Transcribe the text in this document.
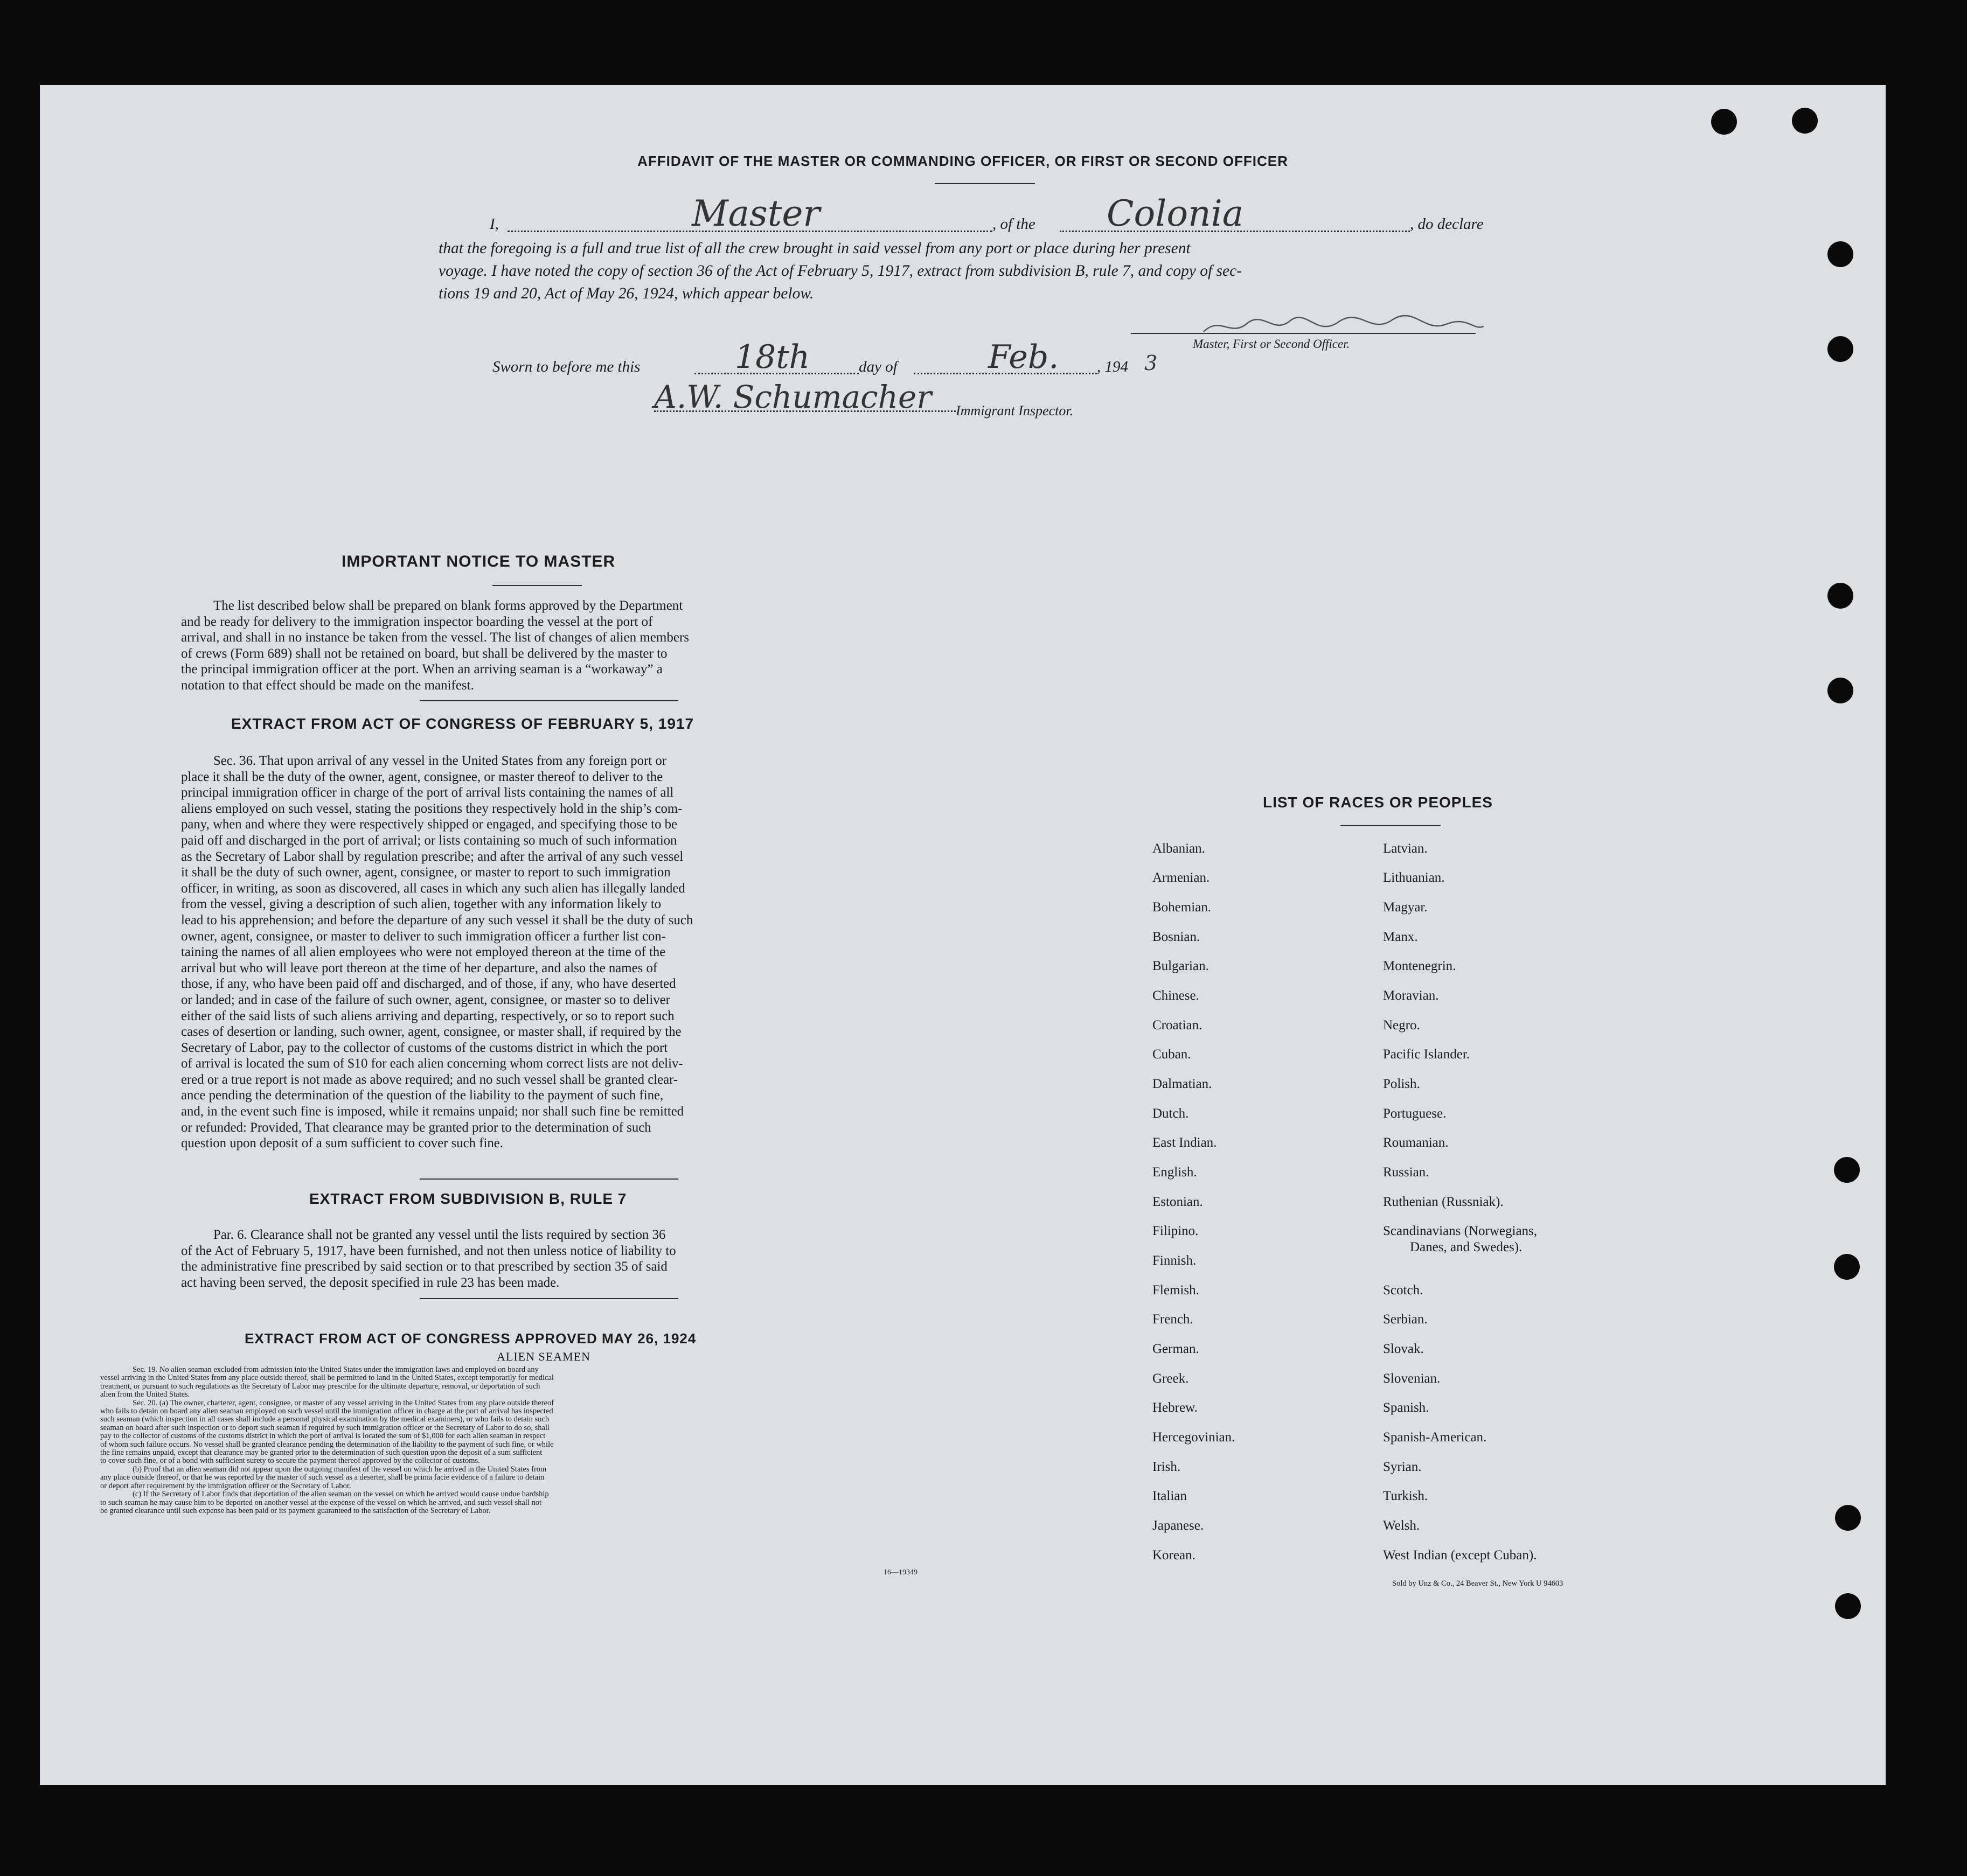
AFFIDAVIT OF THE MASTER OR COMMANDING OFFICER, OR FIRST OR SECOND OFFICER
I,	Master	, of the Colonia	, do declare
that the foregoing is a full and true list of all the crew brought in said vessel from any port or place during her present
voyage. I have noted the copy of section 36 of the Act of February 5, 1917, extract from subdivision B, rule 7, and copy of sec-
tions 19 and 20, Act of May 26, 1924, which appear below.
Master, First or Second Officer.
Sworn to before me this	18th	day of	Feb. , 194 3
A.W. Schumacher Immigrant Inspector.
IMPORTANT NOTICE TO MASTER
The list described below shall be prepared on blank forms approved by the Department
and be ready for delivery to the immigration inspector boarding the vessel at the port of
arrival, and shall in no instance be taken from the vessel. The list of changes of alien members
of crews (Form 689) shall not be retained on board, but shall be delivered by the master to
the principal immigration officer at the port. When an arriving seaman is a “workaway” a
notation to that effect should be made on the manifest.
EXTRACT FROM ACT OF CONGRESS OF FEBRUARY 5, 1917
Sec. 36. That upon arrival of any vessel in the United States from any foreign port or
place it shall be the duty of the owner, agent, consignee, or master thereof to deliver to the
principal immigration officer in charge of the port of arrival lists containing the names of all
aliens employed on such vessel, stating the positions they respectively hold in the ship’s com-
pany, when and where they were respectively shipped or engaged, and specifying those to be
paid off and discharged in the port of arrival; or lists containing so much of such information
as the Secretary of Labor shall by regulation prescribe; and after the arrival of any such vessel
it shall be the duty of such owner, agent, consignee, or master to report to such immigration
officer, in writing, as soon as discovered, all cases in which any such alien has illegally landed
from the vessel, giving a description of such alien, together with any information likely to
lead to his apprehension; and before the departure of any such vessel it shall be the duty of such
owner, agent, consignee, or master to deliver to such immigration officer a further list con-
taining the names of all alien employees who were not employed thereon at the time of the
arrival but who will leave port thereon at the time of her departure, and also the names of
those, if any, who have been paid off and discharged, and of those, if any, who have deserted
or landed; and in case of the failure of such owner, agent, consignee, or master so to deliver
either of the said lists of such aliens arriving and departing, respectively, or so to report such
cases of desertion or landing, such owner, agent, consignee, or master shall, if required by the
Secretary of Labor, pay to the collector of customs of the customs district in which the port
of arrival is located the sum of $10 for each alien concerning whom correct lists are not deliv-
ered or a true report is not made as above required; and no such vessel shall be granted clear-
ance pending the determination of the question of the liability to the payment of such fine,
and, in the event such fine is imposed, while it remains unpaid; nor shall such fine be remitted
or refunded: Provided, That clearance may be granted prior to the determination of such
question upon deposit of a sum sufficient to cover such fine.
EXTRACT FROM SUBDIVISION B, RULE 7
Par. 6. Clearance shall not be granted any vessel until the lists required by section 36
of the Act of February 5, 1917, have been furnished, and not then unless notice of liability to
the administrative fine prescribed by said section or to that prescribed by section 35 of said
act having been served, the deposit specified in rule 23 has been made.
EXTRACT FROM ACT OF CONGRESS APPROVED MAY 26, 1924
ALIEN SEAMEN
Sec. 19. No alien seaman excluded from admission into the United States under the immigration laws and employed on board any
vessel arriving in the United States from any place outside thereof, shall be permitted to land in the United States, except temporarily for medical
treatment, or pursuant to such regulations as the Secretary of Labor may prescribe for the ultimate departure, removal, or deportation of such
alien from the United States.
Sec. 20. (a) The owner, charterer, agent, consignee, or master of any vessel arriving in the United States from any place outside thereof
who fails to detain on board any alien seaman employed on such vessel until the immigration officer in charge at the port of arrival has inspected
such seaman (which inspection in all cases shall include a personal physical examination by the medical examiners), or who fails to detain such
seaman on board after such inspection or to deport such seaman if required by such immigration officer or the Secretary of Labor to do so, shall
pay to the collector of customs of the customs district in which the port of arrival is located the sum of $1,000 for each alien seaman in respect
of whom such failure occurs. No vessel shall be granted clearance pending the determination of the liability to the payment of such fine, or while
the fine remains unpaid, except that clearance may be granted prior to the determination of such question upon the deposit of a sum sufficient
to cover such fine, or of a bond with sufficient surety to secure the payment thereof approved by the collector of customs.
(b) Proof that an alien seaman did not appear upon the outgoing manifest of the vessel on which he arrived in the United States from
any place outside thereof, or that he was reported by the master of such vessel as a deserter, shall be prima facie evidence of a failure to detain
or deport after requirement by the immigration officer or the Secretary of Labor.
(c) If the Secretary of Labor finds that deportation of the alien seaman on the vessel on which he arrived would cause undue hardship
to such seaman he may cause him to be deported on another vessel at the expense of the vessel on which he arrived, and such vessel shall not
be granted clearance until such expense has been paid or its payment guaranteed to the satisfaction of the Secretary of Labor.
16—19349
LIST OF RACES OR PEOPLES
Albanian.
Armenian.
Bohemian.
Bosnian.
Bulgarian.
Chinese.
Croatian.
Cuban.
Dalmatian.
Dutch.
East Indian.
English.
Estonian.
Filipino.
Finnish.
Flemish.
French.
German.
Greek.
Hebrew.
Hercegovinian.
Irish.
Italian
Japanese.
Korean.
Latvian.
Lithuanian.
Magyar.
Manx.
Montenegrin.
Moravian.
Negro.
Pacific Islander.
Polish.
Portuguese.
Roumanian.
Russian.
Ruthenian (Russniak).
Scandinavians (Norwegians,
Danes, and Swedes).
Scotch.
Serbian.
Slovak.
Slovenian.
Spanish.
Spanish-American.
Syrian.
Turkish.
Welsh.
West Indian (except Cuban).
Sold by Unz & Co., 24 Beaver St., New York U 94603
